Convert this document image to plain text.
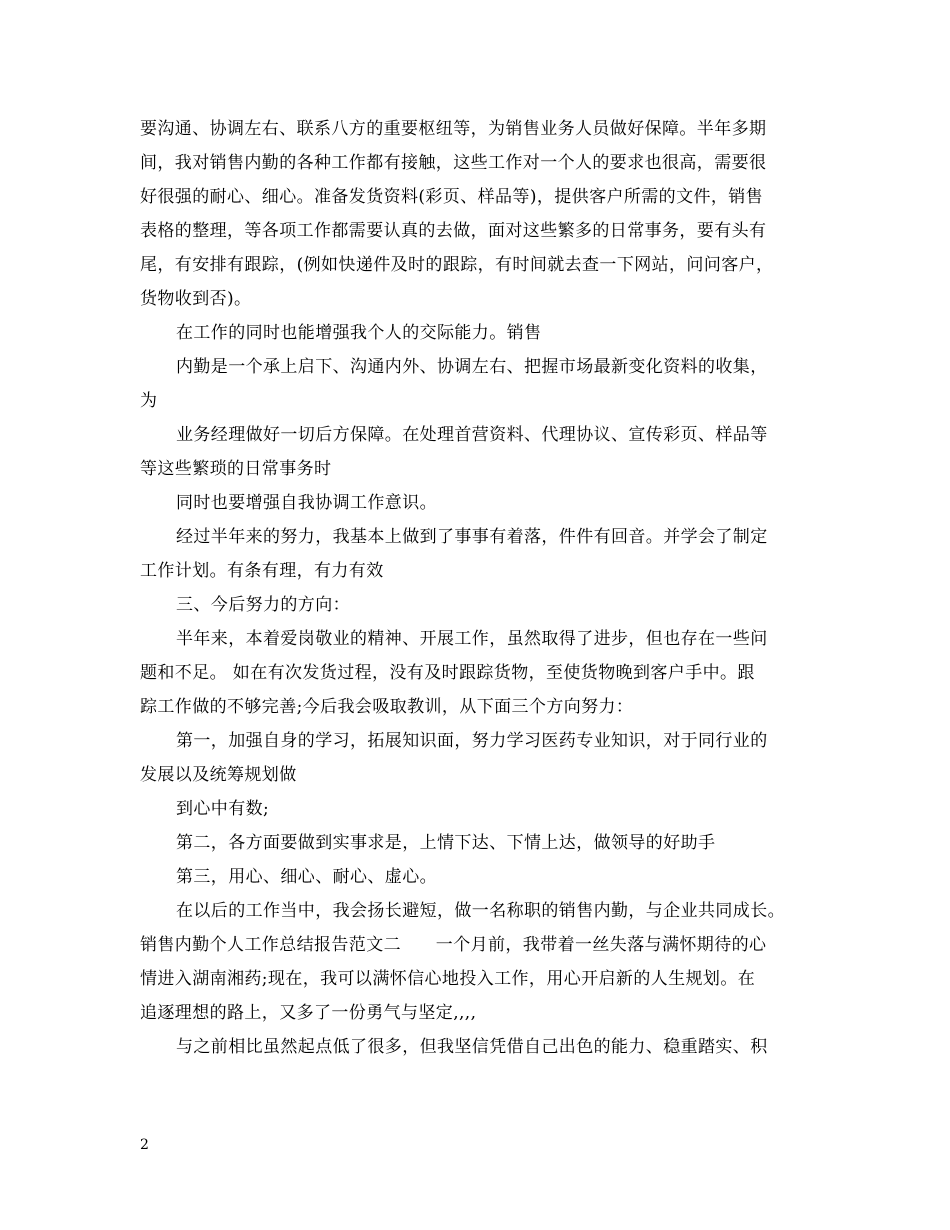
要沟通、协调左右、联系八方的重要枢纽等，为销售业务人员做好保障。半年多期
间，我对销售内勤的各种工作都有接触，这些工作对一个人的要求也很高，需要很
好很强的耐心、细心。准备发货资料(彩页、样品等)，提供客户所需的文件，销售
表格的整理，等各项工作都需要认真的去做，面对这些繁多的日常事务，要有头有
尾，有安排有跟踪，(例如快递件及时的跟踪，有时间就去查一下网站，问问客户，
货物收到否)。
在工作的同时也能增强我个人的交际能力。销售
内勤是一个承上启下、沟通内外、协调左右、把握市场最新变化资料的收集，
为
业务经理做好一切后方保障。在处理首营资料、代理协议、宣传彩页、样品等
等这些繁琐的日常事务时
同时也要增强自我协调工作意识。
经过半年来的努力，我基本上做到了事事有着落，件件有回音。并学会了制定
工作计划。有条有理，有力有效
三、今后努力的方向：
半年来，本着爱岗敬业的精神、开展工作，虽然取得了进步，但也存在一些问
题和不足。 如在有次发货过程，没有及时跟踪货物，至使货物晚到客户手中。跟
踪工作做的不够完善;今后我会吸取教训，从下面三个方向努力：
第一，加强自身的学习，拓展知识面，努力学习医药专业知识，对于同行业的
发展以及统筹规划做
到心中有数;
第二，各方面要做到实事求是，上情下达、下情上达，做领导的好助手
第三，用心、细心、耐心、虚心。
在以后的工作当中，我会扬长避短，做一名称职的销售内勤，与企业共同成长。
销售内勤个人工作总结报告范文二　　一个月前，我带着一丝失落与满怀期待的心
情进入湖南湘药;现在，我可以满怀信心地投入工作，用心开启新的人生规划。在
追逐理想的路上，又多了一份勇气与坚定,,,,
与之前相比虽然起点低了很多，但我坚信凭借自己出色的能力、稳重踏实、积
2
